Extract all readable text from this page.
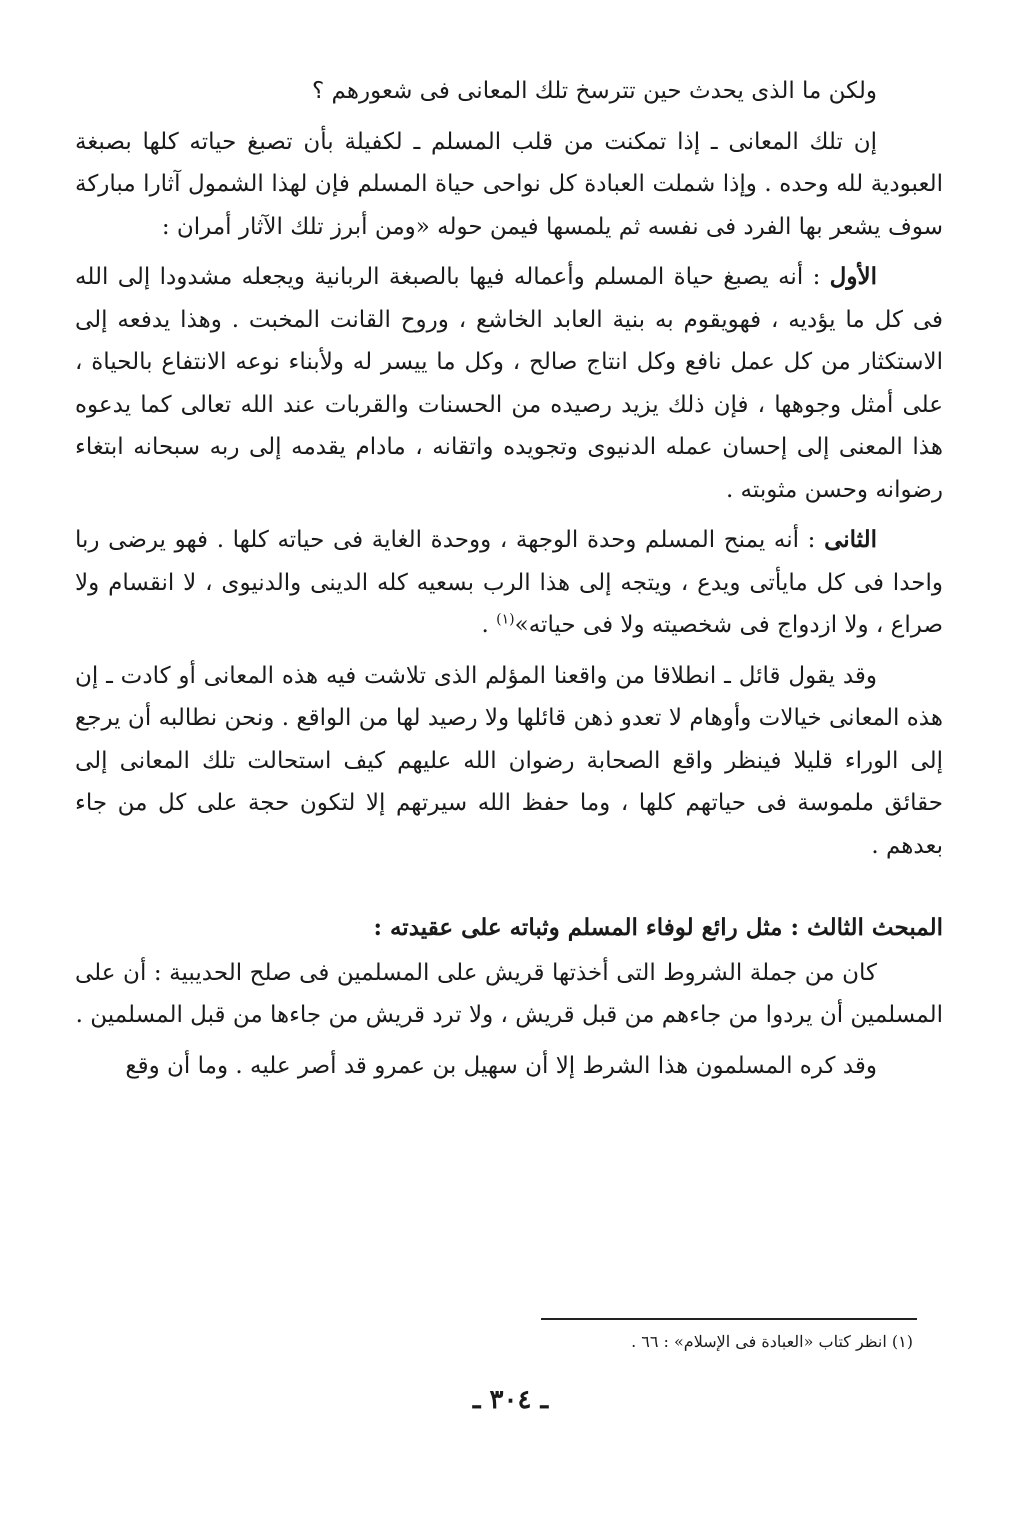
ولكن ما الذى يحدث حين تترسخ تلك المعانى فى شعورهم ؟

إن تلك المعانى ـ إذا تمكنت من قلب المسلم ـ لكفيلة بأن تصبغ حياته كلها بصبغة العبودية لله وحده . وإذا شملت العبادة كل نواحى حياة المسلم فإن لهذا الشمول آثارا مباركة سوف يشعر بها الفرد فى نفسه ثم يلمسها فيمن حوله «ومن أبرز تلك الآثار أمران :

الأول : أنه يصبغ حياة المسلم وأعماله فيها بالصبغة الربانية ويجعله مشدودا إلى الله فى كل ما يؤديه ، فهويقوم به بنية العابد الخاشع ، وروح القانت المخبت . وهذا يدفعه إلى الاستكثار من كل عمل نافع وكل انتاج صالح ، وكل ما ييسر له ولأبناء نوعه الانتفاع بالحياة ، على أمثل وجوهها ، فإن ذلك يزيد رصيده من الحسنات والقربات عند الله تعالى كما يدعوه هذا المعنى إلى إحسان عمله الدنيوى وتجويده واتقانه ، مادام يقدمه إلى ربه سبحانه ابتغاء رضوانه وحسن مثوبته .

الثانى : أنه يمنح المسلم وحدة الوجهة ، ووحدة الغاية فى حياته كلها . فهو يرضى ربا واحدا فى كل مايأتى ويدع ، ويتجه إلى هذا الرب بسعيه كله الدينى والدنيوى ، لا انقسام ولا صراع ، ولا ازدواج فى شخصيته ولا فى حياته»$^{(١)}$ .

وقد يقول قائل ـ انطلاقا من واقعنا المؤلم الذى تلاشت فيه هذه المعانى أو كادت ـ إن هذه المعانى خيالات وأوهام لا تعدو ذهن قائلها ولا رصيد لها من الواقع . ونحن نطالبه أن يرجع إلى الوراء قليلا فينظر واقع الصحابة رضوان الله عليهم كيف استحالت تلك المعانى إلى حقائق ملموسة فى حياتهم كلها ، وما حفظ الله سيرتهم إلا لتكون حجة على كل من جاء بعدهم .

المبحث الثالث : مثل رائع لوفاء المسلم وثباته على عقيدته :

كان من جملة الشروط التى أخذتها قريش على المسلمين فى صلح الحديبية : أن على المسلمين أن يردوا من جاءهم من قبل قريش ، ولا ترد قريش من جاءها من قبل المسلمين .

وقد كره المسلمون هذا الشرط إلا أن سهيل بن عمرو قد أصر عليه . وما أن وقع

(١) انظر كتاب «العبادة فى الإسلام» : ٦٦ .
ـ ٣٠٤ ـ
